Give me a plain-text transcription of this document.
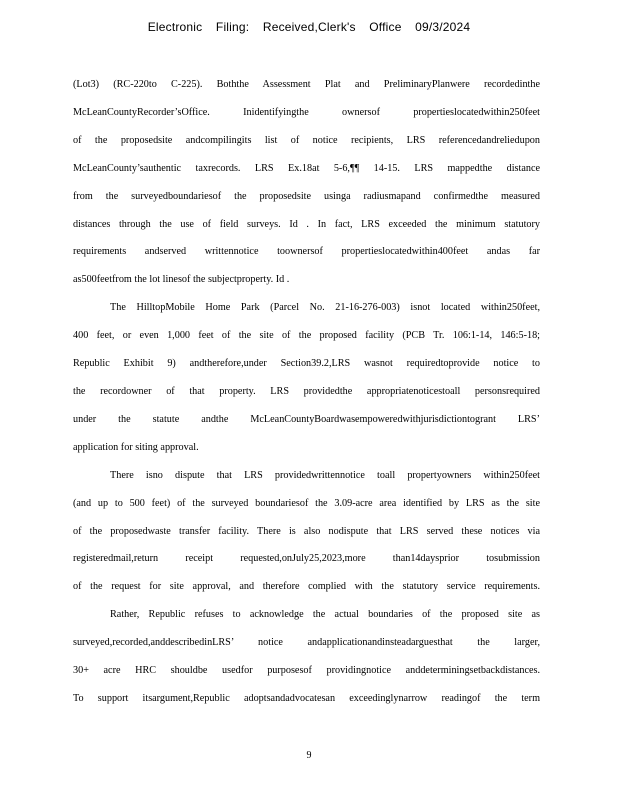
Electronic Filing: Received,Clerk's Office 09/3/2024
(Lot3) (RC-220to C-225). Boththe Assessment Plat and PreliminaryPlanwere recordedinthe
McLeanCountyRecorder’sOffice. Inidentifyingthe ownersof propertieslocatedwithin250feet
of the proposedsite andcompilingits list of notice recipients, LRS referencedandreliedupon
McLeanCounty’sauthentic taxrecords. LRS Ex.18at 5-6,¶¶ 14-15. LRS mappedthe distance
from the surveyedboundariesof the proposedsite usinga radiusmapand confirmedthe measured
distances through the use of field surveys. Id . In fact, LRS exceeded the minimum statutory
requirements andserved writtennotice toownersof propertieslocatedwithin400feet andas far
as500feetfrom the lot linesof the subjectproperty. Id .
The HilltopMobile Home Park (Parcel No. 21-16-276-003) isnot located within250feet,
400 feet, or even 1,000 feet of the site of the proposed facility (PCB Tr. 106:1-14, 146:5-18;
Republic Exhibit 9) andtherefore,under Section39.2,LRS wasnot requiredtoprovide notice to
the recordowner of that property. LRS providedthe appropriatenoticestoall personsrequired
under the statute andthe McLeanCountyBoardwasempoweredwithjurisdictiontogrant LRS’
application for siting approval.
There isno dispute that LRS providedwrittennotice toall propertyowners within250feet
(and up to 500 feet) of the surveyed boundariesof the 3.09-acre area identified by LRS as the site
of the proposedwaste transfer facility. There is also nodispute that LRS served these notices via
registeredmail,return receipt requested,onJuly25,2023,more than14daysprior tosubmission
of the request for site approval, and therefore complied with the statutory service requirements.
Rather, Republic refuses to acknowledge the actual boundaries of the proposed site as
surveyed,recorded,anddescribedinLRS’ notice andapplicationandinsteadarguesthat the larger,
30+ acre HRC shouldbe usedfor purposesof providingnotice anddeterminingsetbackdistances.
To support itsargument,Republic adoptsandadvocatesan exceedinglynarrow readingof the term
9
